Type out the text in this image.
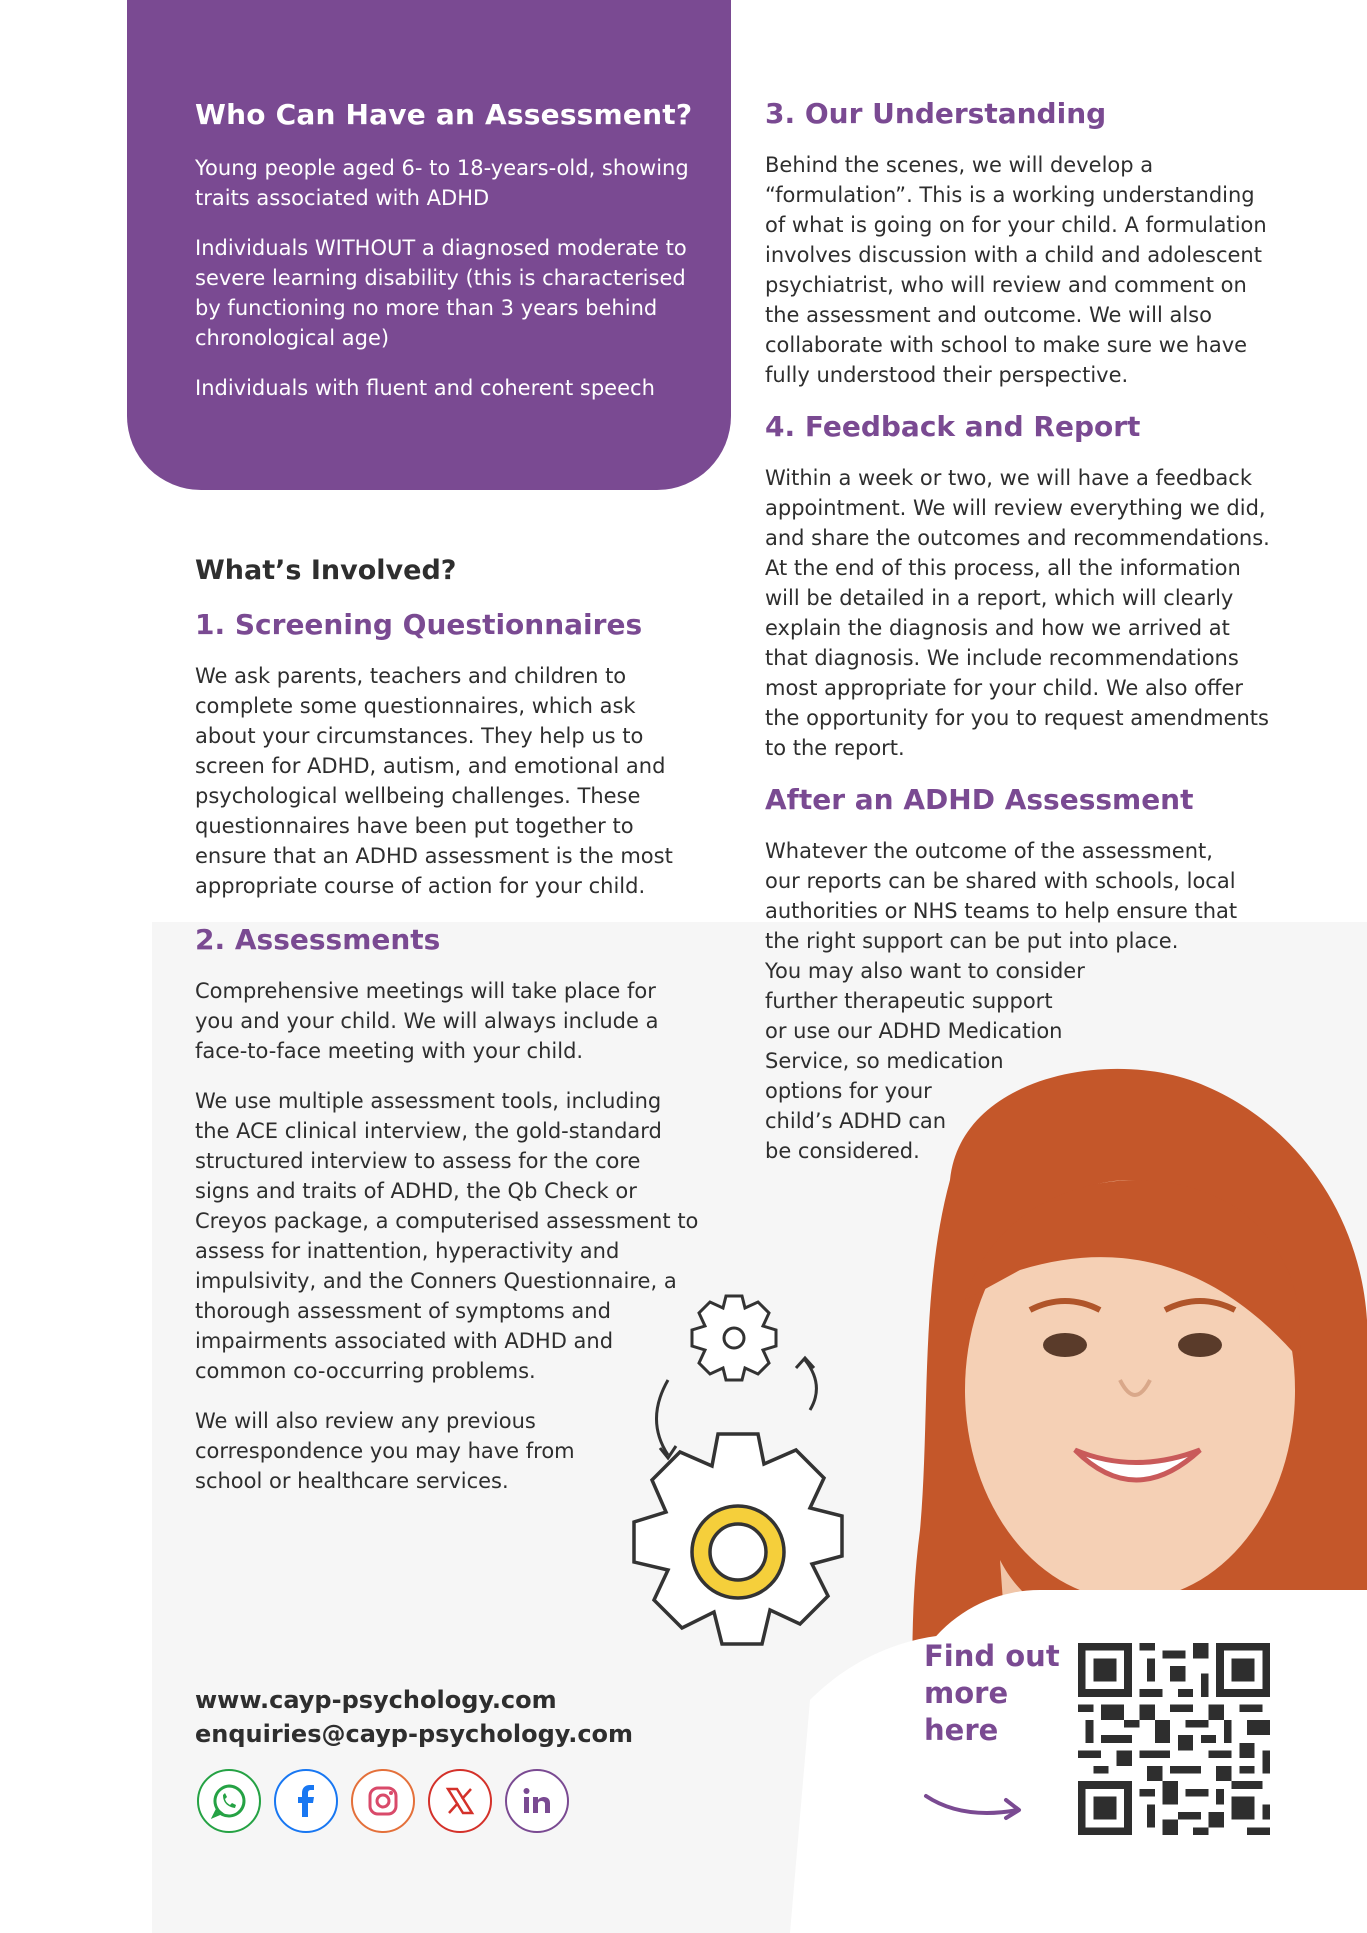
Who Can Have an Assessment?

Young people aged 6- to 18-years-old, showing traits associated with ADHD

Individuals WITHOUT a diagnosed moderate to severe learning disability (this is characterised by functioning no more than 3 years behind chronological age)

Individuals with fluent and coherent speech

What’s Involved?
1. Screening Questionnaires

We ask parents, teachers and children to complete some questionnaires, which ask about your circumstances. They help us to screen for ADHD, autism, and emotional and psychological wellbeing challenges. These questionnaires have been put together to ensure that an ADHD assessment is the most appropriate course of action for your child.

2. Assessments

Comprehensive meetings will take place for you and your child. We will always include a face-to-face meeting with your child.

We use multiple assessment tools, including the ACE clinical interview, the gold-standard structured interview to assess for the core signs and traits of ADHD, the Qb Check or Creyos package, a computerised assessment to assess for inattention, hyperactivity and impulsivity, and the Conners Questionnaire, a thorough assessment of symptoms and impairments associated with ADHD and common co-occurring problems.

We will also review any previous correspondence you may have from school or healthcare services.

3. Our Understanding

Behind the scenes, we will develop a “formulation”. This is a working understanding of what is going on for your child. A formulation involves discussion with a child and adolescent psychiatrist, who will review and comment on the assessment and outcome. We will also collaborate with school to make sure we have fully understood their perspective.

4. Feedback and Report

Within a week or two, we will have a feedback appointment. We will review everything we did, and share the outcomes and recommendations. At the end of this process, all the information will be detailed in a report, which will clearly explain the diagnosis and how we arrived at that diagnosis. We include recommendations most appropriate for your child. We also offer the opportunity for you to request amendments to the report.

After an ADHD Assessment
Whatever the outcome of the assessment,
our reports can be shared with schools, local
authorities or NHS teams to help ensure that
the right support can be put into place.
You may also want to consider
further therapeutic support
or use our ADHD Medication
Service, so medication
options for your
child’s ADHD can
be considered.
www.cayp-psychology.com
enquiries@cayp-psychology.com
Find out
more
here
